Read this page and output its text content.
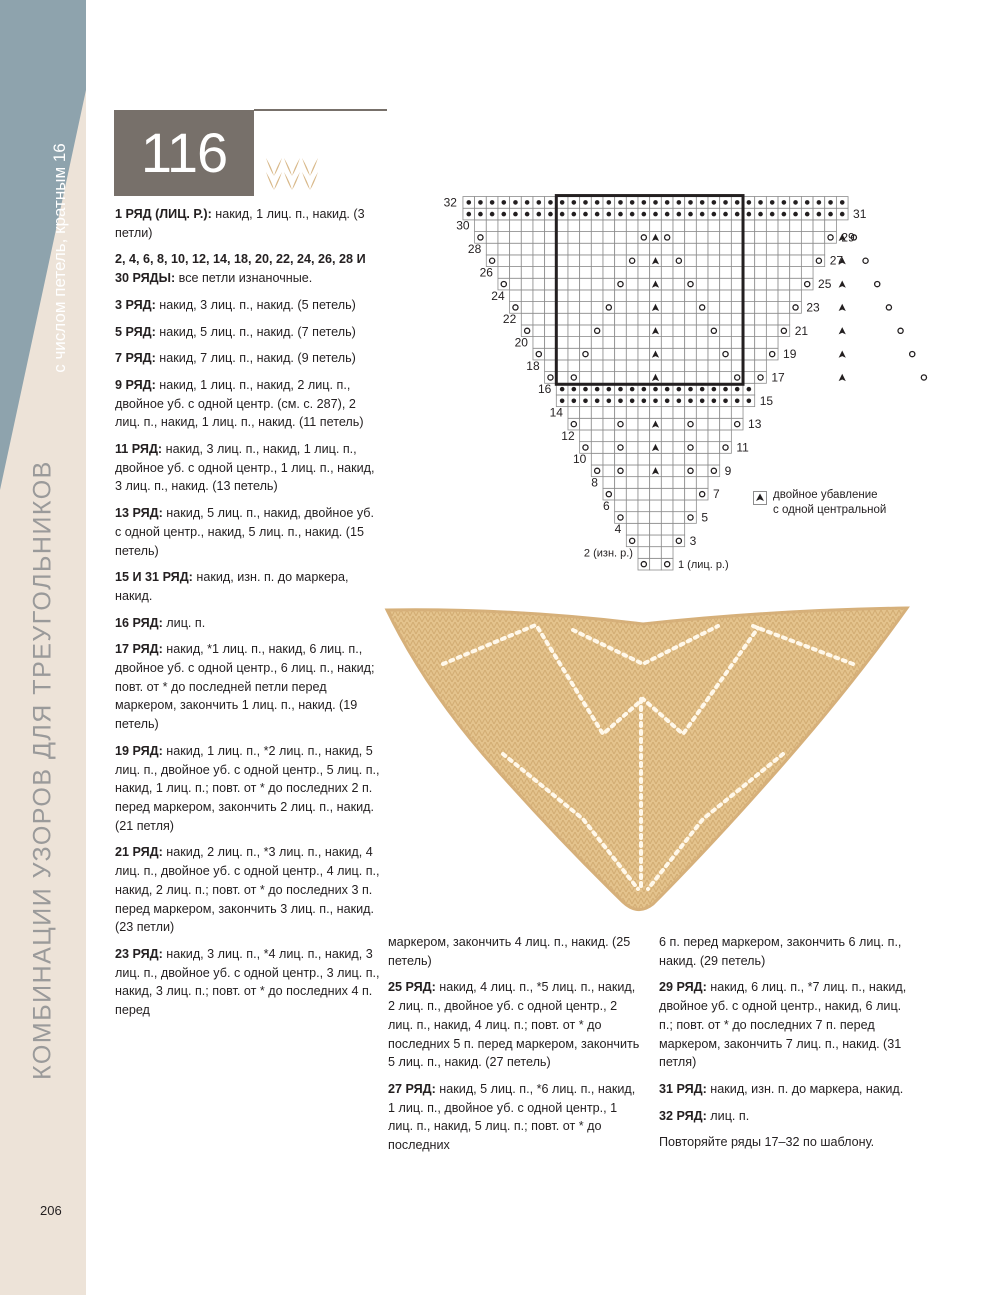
с числом петель, кратным 16
КОМБИНАЦИИ УЗОРОВ ДЛЯ ТРЕУГОЛЬНИКОВ
206
116

1 РЯД (ЛИЦ. Р.): накид, 1 лиц. п., накид. (3 петли)

2, 4, 6, 8, 10, 12, 14, 18, 20, 22, 24, 26, 28 И 30 РЯДЫ: все петли изнаночные.

3 РЯД: накид, 3 лиц. п., накид. (5 петель)

5 РЯД: накид, 5 лиц. п., накид. (7 петель)

7 РЯД: накид, 7 лиц. п., накид. (9 петель)

9 РЯД: накид, 1 лиц. п., накид, 2 лиц. п., двойное уб. с одной центр. (см. с. 287), 2 лиц. п., накид, 1 лиц. п., накид. (11 петель)

11 РЯД: накид, 3 лиц. п., накид, 1 лиц. п., двойное уб. с одной центр., 1 лиц. п., накид, 3 лиц. п., накид. (13 петель)

13 РЯД: накид, 5 лиц. п., накид, двойное уб. с одной центр., накид, 5 лиц. п., накид. (15 петель)

15 И 31 РЯД: накид, изн. п. до маркера, накид.

16 РЯД: лиц. п.

17 РЯД: накид, *1 лиц. п., накид, 6 лиц. п., двойное уб. с одной центр., 6 лиц. п., накид; повт. от * до последней петли перед маркером, закончить 1 лиц. п., накид. (19 петель)

19 РЯД: накид, 1 лиц. п., *2 лиц. п., накид, 5 лиц. п., двойное уб. с одной центр., 5 лиц. п., накид, 1 лиц. п.; повт. от * до последних 2 п. перед маркером, закончить 2 лиц. п., накид. (21 петля)

21 РЯД: накид, 2 лиц. п., *3 лиц. п., накид, 4 лиц. п., двойное уб. с одной центр., 4 лиц. п., накид, 2 лиц. п.; повт. от * до последних 3 п. перед маркером, закончить 3 лиц. п., накид. (23 петли)

23 РЯД: накид, 3 лиц. п., *4 лиц. п., накид, 3 лиц. п., двойное уб. с одной центр., 3 лиц. п., накид, 3 лиц. п.; повт. от * до последних 4 п. перед

маркером, закончить 4 лиц. п., накид. (25 петель)

25 РЯД: накид, 4 лиц. п., *5 лиц. п., накид, 2 лиц. п., двойное уб. с одной центр., 2 лиц. п., накид, 4 лиц. п.; повт. от * до последних 5 п. перед маркером, закончить 5 лиц. п., накид. (27 петель)

27 РЯД: накид, 5 лиц. п., *6 лиц. п., накид, 1 лиц. п., двойное уб. с одной центр., 1 лиц. п., накид, 5 лиц. п.; повт. от * до последних

6 п. перед маркером, закончить 6 лиц. п., накид. (29 петель)

29 РЯД: накид, 6 лиц. п., *7 лиц. п., накид, двойное уб. с одной центр., накид, 6 лиц. п.; повт. от * до последних 7 п. перед маркером, закончить 7 лиц. п., накид. (31 петля)

31 РЯД: накид, изн. п. до маркера, накид.

32 РЯД: лиц. п.

Повторяйте ряды 17–32 по шаблону.

1 (лиц. р.)
2 (изн. р.)
3
4
5
6
7
8
9
10
11
12
13
14
15
16
17
18
19
20
21
22
23
24
25
26
27
28
29
30
31
32
двойное убавление
с одной центральной
